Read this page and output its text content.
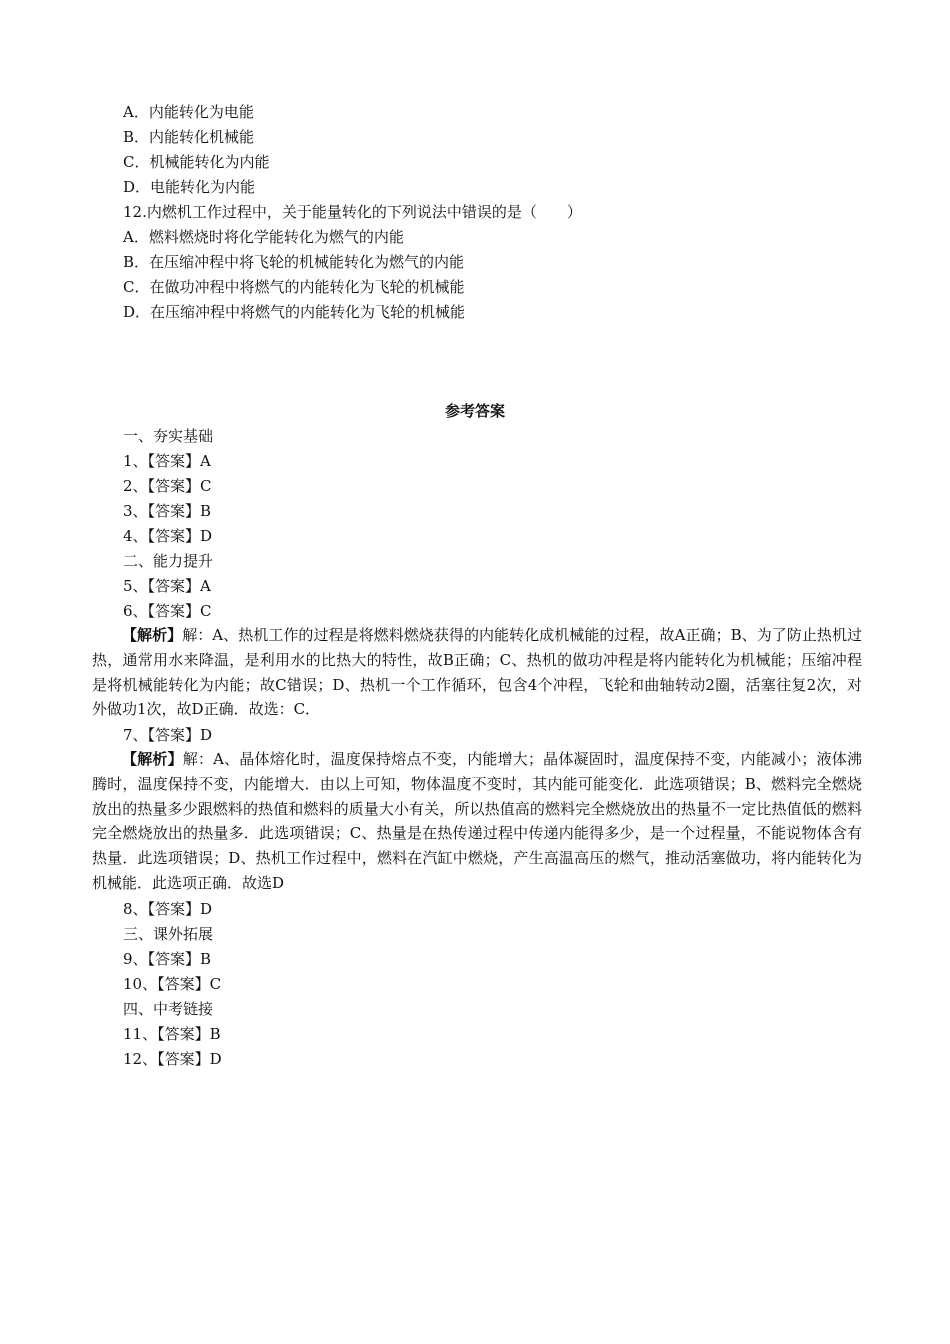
A．内能转化为电能
B．内能转化机械能
C．机械能转化为内能
D．电能转化为内能
12.内燃机工作过程中，关于能量转化的下列说法中错误的是（　　）
A．燃料燃烧时将化学能转化为燃气的内能
B．在压缩冲程中将飞轮的机械能转化为燃气的内能
C．在做功冲程中将燃气的内能转化为飞轮的机械能
D．在压缩冲程中将燃气的内能转化为飞轮的机械能
参考答案
一、夯实基础
1、【答案】A
2、【答案】C
3、【答案】B
4、【答案】D
二、能力提升
5、【答案】A
6、【答案】C
【解析】解：A、热机工作的过程是将燃料燃烧获得的内能转化成机械能的过程，故A正确；B、为了防止热机过热，通常用水来降温，是利用水的比热大的特性，故B正确；C、热机的做功冲程是将内能转化为机械能；压缩冲程是将机械能转化为内能；故C错误；D、热机一个工作循环，包含4个冲程，飞轮和曲轴转动2圈，活塞往复2次，对外做功1次，故D正确．故选：C．
7、【答案】D
【解析】解：A、晶体熔化时，温度保持熔点不变，内能增大；晶体凝固时，温度保持不变，内能减小；液体沸腾时，温度保持不变，内能增大．由以上可知，物体温度不变时，其内能可能变化．此选项错误；B、燃料完全燃烧放出的热量多少跟燃料的热值和燃料的质量大小有关，所以热值高的燃料完全燃烧放出的热量不一定比热值低的燃料完全燃烧放出的热量多．此选项错误；C、热量是在热传递过程中传递内能得多少，是一个过程量，不能说物体含有热量．此选项错误；D、热机工作过程中，燃料在汽缸中燃烧，产生高温高压的燃气，推动活塞做功，将内能转化为机械能．此选项正确．故选D
8、【答案】D
三、课外拓展
9、【答案】B
10、【答案】C
四、中考链接
11、【答案】B
12、【答案】D
